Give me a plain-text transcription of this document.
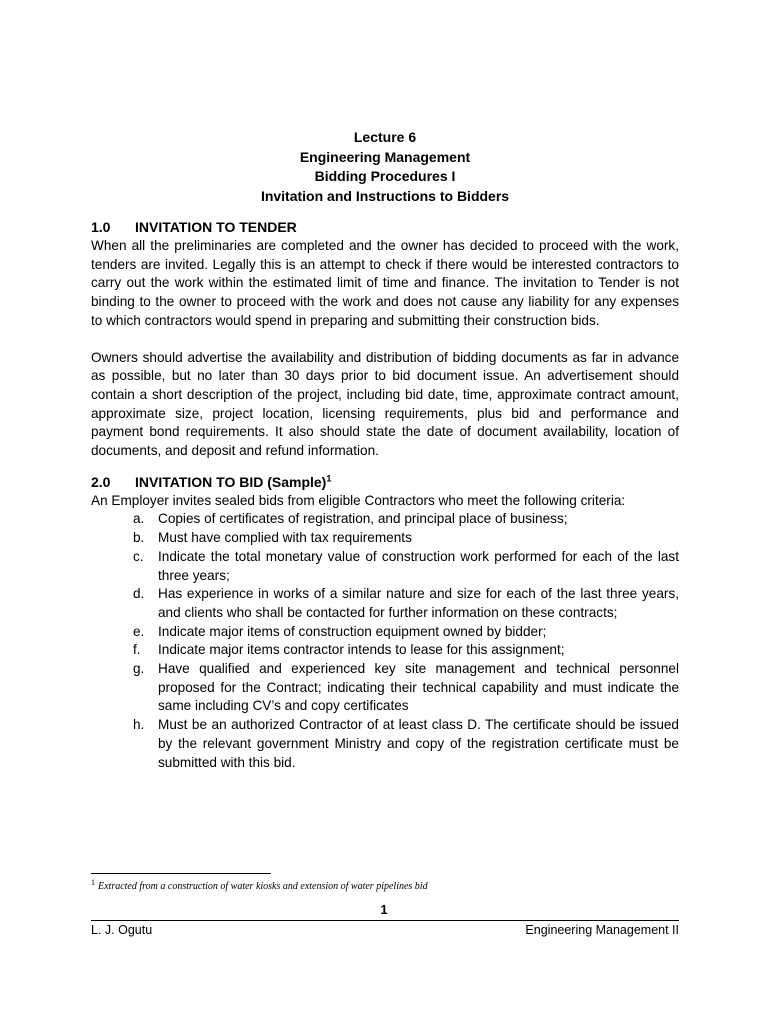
Lecture 6
Engineering Management
Bidding Procedures I
Invitation and Instructions to Bidders
1.0 INVITATION TO TENDER

When all the preliminaries are completed and the owner has decided to proceed with the work, tenders are invited. Legally this is an attempt to check if there would be interested contractors to carry out the work within the estimated limit of time and finance. The invitation to Tender is not binding to the owner to proceed with the work and does not cause any liability for any expenses to which contractors would spend in preparing and submitting their construction bids.

Owners should advertise the availability and distribution of bidding documents as far in advance as possible, but no later than 30 days prior to bid document issue. An advertisement should contain a short description of the project, including bid date, time, approximate contract amount, approximate size, project location, licensing requirements, plus bid and performance and payment bond requirements. It also should state the date of document availability, location of documents, and deposit and refund information.

2.0 INVITATION TO BID (Sample)$^1$

An Employer invites sealed bids from eligible Contractors who meet the following criteria:

a. Copies of certificates of registration, and principal place of business;
b. Must have complied with tax requirements
c. Indicate the total monetary value of construction work performed for each of the last three years;
d. Has experience in works of a similar nature and size for each of the last three years, and clients who shall be contacted for further information on these contracts;
e. Indicate major items of construction equipment owned by bidder;
f. Indicate major items contractor intends to lease for this assignment;
g. Have qualified and experienced key site management and technical personnel proposed for the Contract; indicating their technical capability and must indicate the same including CV’s and copy certificates
h. Must be an authorized Contractor of at least class D. The certificate should be issued by the relevant government Ministry and copy of the registration certificate must be submitted with this bid.
$^1$ Extracted from a construction of water kiosks and extension of water pipelines bid
1
L. J. Ogutu	Engineering Management II
